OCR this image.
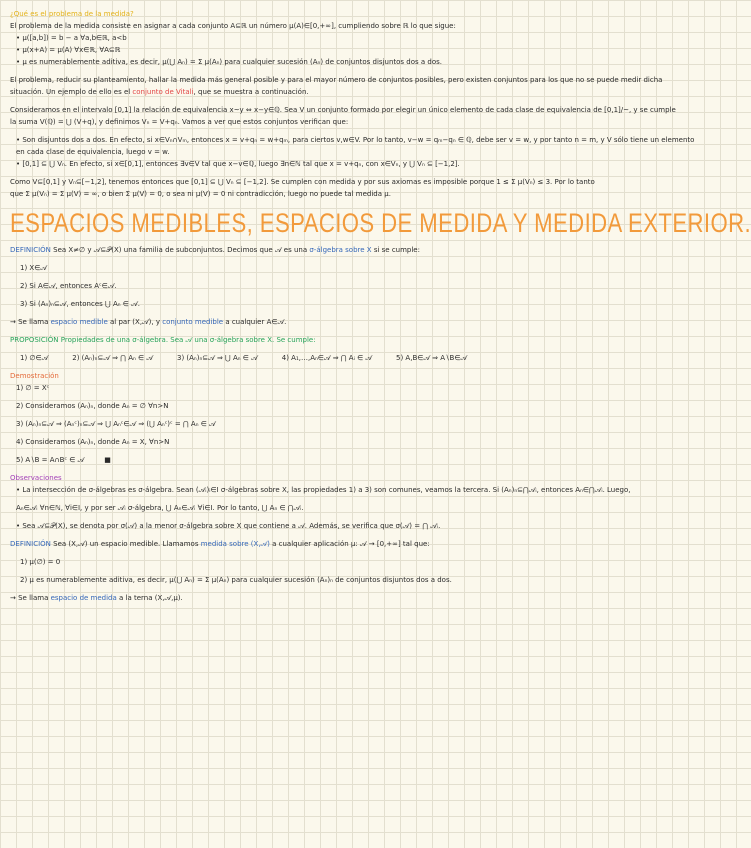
¿Qué es el problema de la medida?
El problema de la medida consiste en asignar a cada conjunto A⊆ℝ un número μ(A)∈[0,+∞], cumpliendo sobre ℝ lo que sigue:
• μ([a,b]) = b − a ∀a,b∈ℝ, a<b
• μ(x+A) = μ(A) ∀x∈ℝ, ∀A⊆ℝ
• μ es numerablemente aditiva, es decir, μ(⋃ Aₙ) = Σ μ(Aₙ) para cualquier sucesión (Aₙ) de conjuntos disjuntos dos a dos.
El problema, reducir su planteamiento, hallar la medida más general posible y para el mayor número de conjuntos posibles, pero existen conjuntos para los que no se puede medir dicha
situación. Un ejemplo de ello es el conjunto de Vitali, que se muestra a continuación.
Consideramos en el intervalo [0,1] la relación de equivalencia x~y ⇔ x−y∈ℚ. Sea V un conjunto formado por elegir un único elemento de cada clase de equivalencia de [0,1]/~, y se cumple
la suma V(ℚ) = ⋃ (V+q), y definimos Vₙ = V+qₙ. Vamos a ver que estos conjuntos verifican que:
• Son disjuntos dos a dos. En efecto, si x∈Vₙ∩Vₘ, entonces x = v+qₙ = w+qₘ, para ciertos v,w∈V. Por lo tanto, v−w = qₘ−qₙ ∈ ℚ, debe ser v = w, y por tanto n = m, y V sólo tiene un elemento
en cada clase de equivalencia, luego v = w.
• [0,1] ⊆ ⋃ Vₙ. En efecto, si x∈[0,1], entonces ∃v∈V tal que x−v∈ℚ, luego ∃n∈ℕ tal que x = v+qₙ, con x∈Vₙ, y ⋃ Vₙ ⊆ [−1,2].
Como V⊆[0,1] y Vₙ⊆[−1,2], tenemos entonces que [0,1] ⊆ ⋃ Vₙ ⊆ [−1,2]. Se cumplen con medida y por sus axiomas es imposible porque 1 ≤ Σ μ(Vₙ) ≤ 3. Por lo tanto
que Σ μ(Vₙ) = Σ μ(V) = ∞, o bien Σ μ(V) = 0, o sea ni μ(V) = 0 ni contradicción, luego no puede tal medida μ.
ESPACIOS MEDIBLES, ESPACIOS DE MEDIDA Y MEDIDA EXTERIOR.
DEFINICIÓN Sea X≠∅ y 𝒜⊆𝒫(X) una familia de subconjuntos. Decimos que 𝒜 es una σ-álgebra sobre X si se cumple:
1) X∈𝒜
2) Si A∈𝒜, entonces Aᶜ∈𝒜.
3) Si (Aₙ)ₙ⊆𝒜, entonces ⋃ Aₙ ∈ 𝒜.
→ Se llama espacio medible al par (X,𝒜), y conjunto medible a cualquier A∈𝒜.
PROPOSICIÓN Propiedades de una σ-álgebra. Sea 𝒜 una σ-álgebra sobre X. Se cumple:
1) ∅∈𝒜	2) (Aₙ)ₙ⊆𝒜 ⇒ ⋂ Aₙ ∈ 𝒜	3) (Aₙ)ₙ⊆𝒜 ⇒ ⋃ Aₙ ∈ 𝒜	4) A₁,…,Aₙ∈𝒜 ⇒ ⋂ Aᵢ ∈ 𝒜	5) A,B∈𝒜 ⇒ A∖B∈𝒜
Demostración
1) ∅ = Xᶜ
2) Consideramos (Aₙ)ₙ, donde Aₙ = ∅ ∀n>N
3) (Aₙ)ₙ⊆𝒜 ⇒ (Aₙᶜ)ₙ⊆𝒜 ⇒ ⋃ Aₙᶜ∈𝒜 ⇒ (⋃ Aₙᶜ)ᶜ = ⋂ Aₙ ∈ 𝒜
4) Consideramos (Aₙ)ₙ, donde Aₙ = X, ∀n>N
5) A∖B = A∩Bᶜ ∈ 𝒜	■
Observaciones
• La intersección de σ-álgebras es σ-álgebra. Sean (𝒜ᵢ)ᵢ∈I σ-álgebras sobre X, las propiedades 1) a 3) son comunes, veamos la tercera. Si (Aₙ)ₙ⊆⋂𝒜ᵢ, entonces Aₙ∈⋂𝒜ᵢ. Luego,
Aₙ∈𝒜ᵢ ∀n∈ℕ, ∀i∈I, y por ser 𝒜ᵢ σ-álgebra, ⋃ Aₙ∈𝒜ᵢ ∀i∈I. Por lo tanto, ⋃ Aₙ ∈ ⋂𝒜ᵢ.
• Sea 𝒜⊆𝒫(X), se denota por σ(𝒜) a la menor σ-álgebra sobre X que contiene a 𝒜. Además, se verifica que σ(𝒜) = ⋂ 𝒜ᵢ.
DEFINICIÓN Sea (X,𝒜) un espacio medible. Llamamos medida sobre (X,𝒜) a cualquier aplicación μ: 𝒜 → [0,+∞] tal que:
1) μ(∅) = 0
2) μ es numerablemente aditiva, es decir, μ(⋃ Aₙ) = Σ μ(Aₙ) para cualquier sucesión (Aₙ)ₙ de conjuntos disjuntos dos a dos.
→ Se llama espacio de medida a la terna (X,𝒜,μ).
